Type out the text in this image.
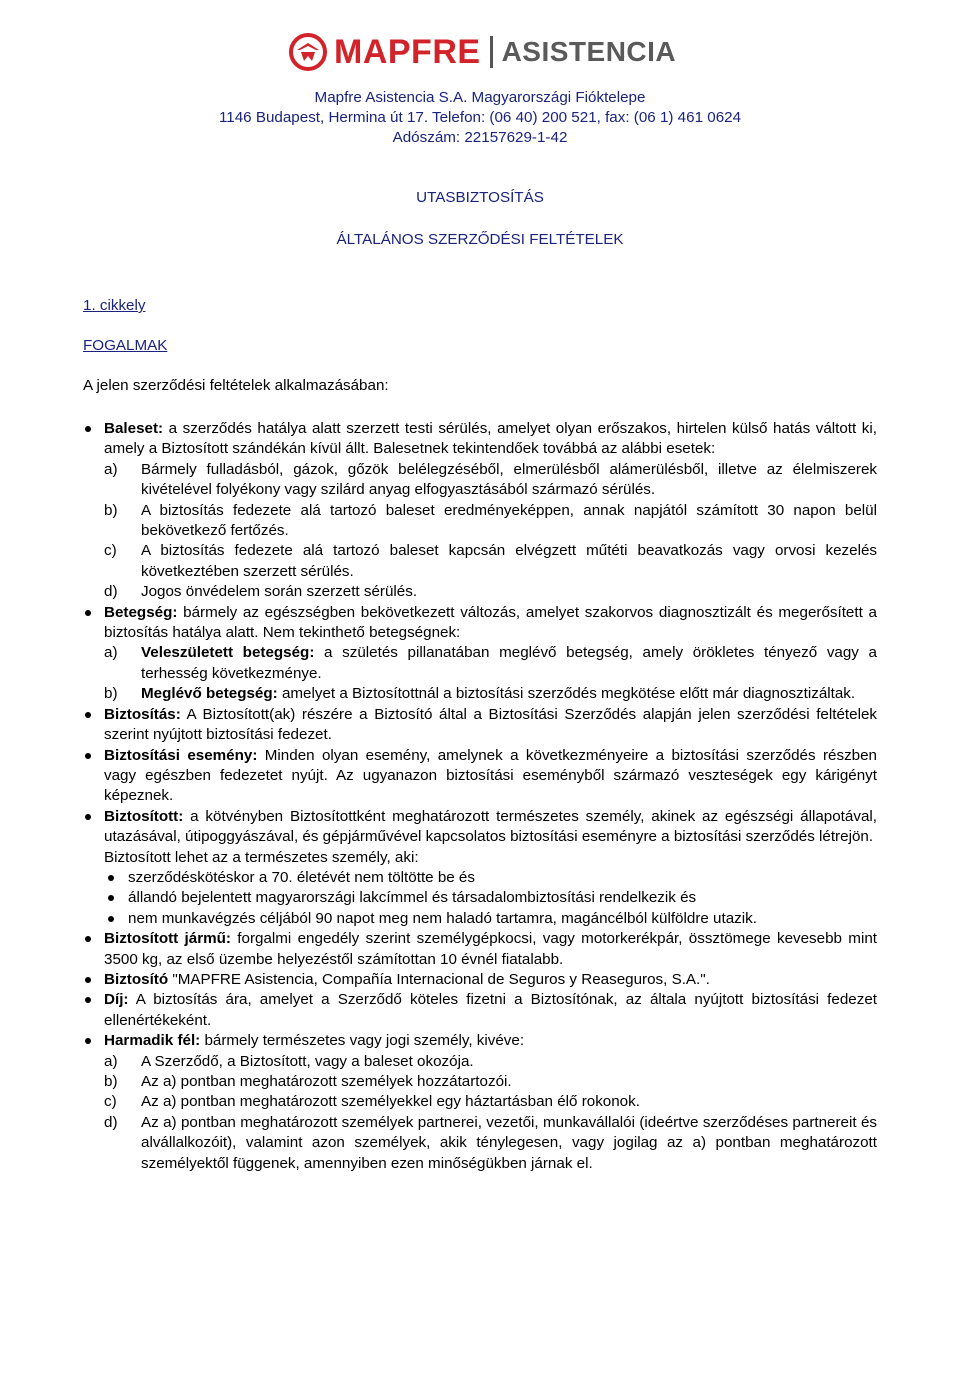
MAPFRE ASISTENCIA
Mapfre Asistencia S.A. Magyarországi Fióktelepe
1146 Budapest, Hermina út 17. Telefon: (06 40) 200 521, fax: (06 1) 461 0624
Adószám: 22157629-1-42
UTASBIZTOSÍTÁS
ÁLTALÁNOS SZERZŐDÉSI FELTÉTELEK
1. cikkely
FOGALMAK
A jelen szerződési feltételek alkalmazásában:
Baleset: a szerződés hatálya alatt szerzett testi sérülés, amelyet olyan erőszakos, hirtelen külső hatás váltott ki, amely a Biztosított szándékán kívül állt. Balesetnek tekintendőek továbbá az alábbi esetek:
a) Bármely fulladásból, gázok, gőzök belélegzéséből, elmerülésből alámerülésből, illetve az élelmiszerek kivételével folyékony vagy szilárd anyag elfogyasztásából származó sérülés.
b) A biztosítás fedezete alá tartozó baleset eredményeképpen, annak napjától számított 30 napon belül bekövetkező fertőzés.
c) A biztosítás fedezete alá tartozó baleset kapcsán elvégzett műtéti beavatkozás vagy orvosi kezelés következtében szerzett sérülés.
d) Jogos önvédelem során szerzett sérülés.
Betegség: bármely az egészségben bekövetkezett változás, amelyet szakorvos diagnosztizált és megerősített a biztosítás hatálya alatt. Nem tekinthető betegségnek:
a) Veleszületett betegség: a születés pillanatában meglévő betegség, amely örökletes tényező vagy a terhesség következménye.
b) Meglévő betegség: amelyet a Biztosítottnál a biztosítási szerződés megkötése előtt már diagnosztizáltak.
Biztosítás: A Biztosított(ak) részére a Biztosító által a Biztosítási Szerződés alapján jelen szerződési feltételek szerint nyújtott biztosítási fedezet.
Biztosítási esemény: Minden olyan esemény, amelynek a következményeire a biztosítási szerződés részben vagy egészben fedezetet nyújt. Az ugyanazon biztosítási eseményből származó veszteségek egy kárigényt képeznek.
Biztosított: a kötvényben Biztosítottként meghatározott természetes személy, akinek az egészségi állapotával, utazásával, útipoggyászával, és gépjárművével kapcsolatos biztosítási eseményre a biztosítási szerződés létrejön.
Biztosított lehet az a természetes személy, aki:
szerződéskötéskor a 70. életévét nem töltötte be és
állandó bejelentett magyarországi lakcímmel és társadalombiztosítási rendelkezik és
nem munkavégzés céljából 90 napot meg nem haladó tartamra, magáncélból külföldre utazik.
Biztosított jármű: forgalmi engedély szerint személygépkocsi, vagy motorkerékpár, össztömege kevesebb mint 3500 kg, az első üzembe helyezéstől számítottan 10 évnél fiatalabb.
Biztosító "MAPFRE Asistencia, Compañía Internacional de Seguros y Reaseguros, S.A.".
Díj: A biztosítás ára, amelyet a Szerződő köteles fizetni a Biztosítónak, az általa nyújtott biztosítási fedezet ellenértékeként.
Harmadik fél: bármely természetes vagy jogi személy, kivéve:
a) A Szerződő, a Biztosított, vagy a baleset okozója.
b) Az a) pontban meghatározott személyek hozzátartozói.
c) Az a) pontban meghatározott személyekkel egy háztartásban élő rokonok.
d) Az a) pontban meghatározott személyek partnerei, vezetői, munkavállalói (ideértve szerződéses partnereit és alvállalkozóit), valamint azon személyek, akik ténylegesen, vagy jogilag az a) pontban meghatározott személyektől függenek, amennyiben ezen minőségükben járnak el.
